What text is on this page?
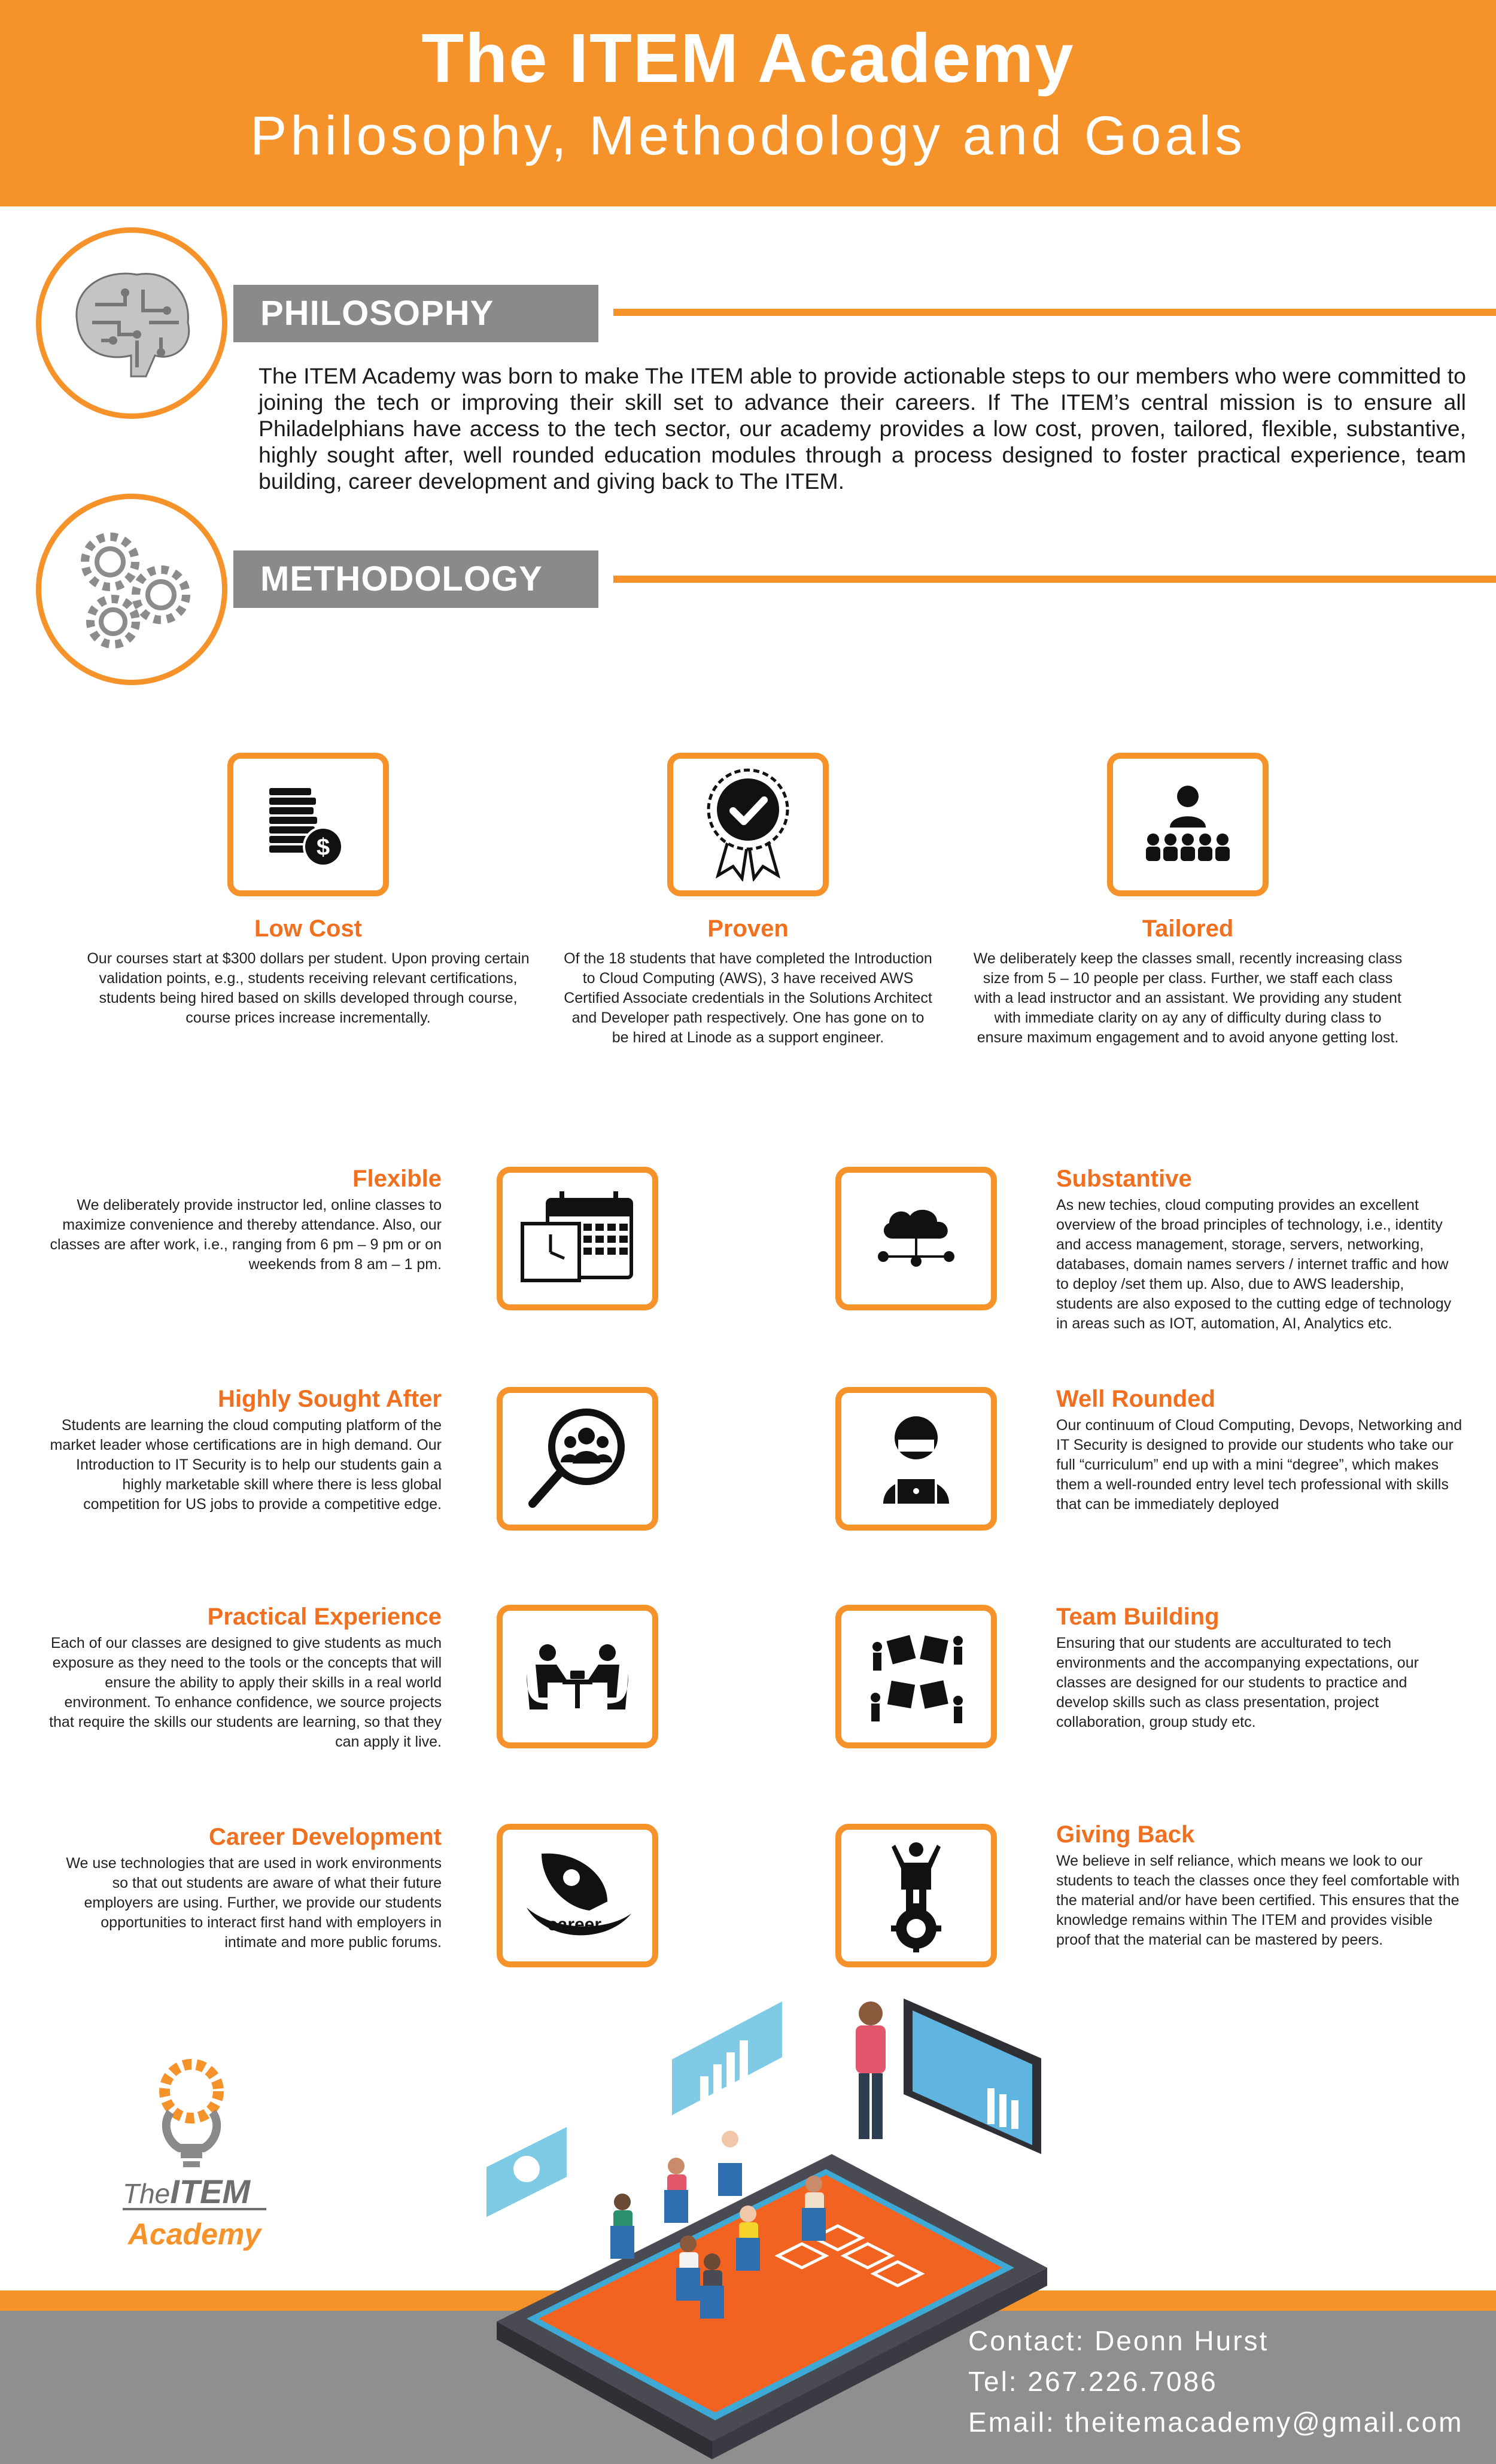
The ITEM Academy
Philosophy, Methodology and Goals
PHILOSOPHY
The ITEM Academy was born to make The ITEM able to provide actionable steps to our members who were committed to joining the tech or improving their skill set to advance their careers. If The ITEM’s central mission is to ensure all Philadelphians have access to the tech sector, our academy provides a low cost, proven, tailored, flexible, substantive, highly sought after, well rounded education modules through a process designed to foster practical experience, team building, career development and giving back to The ITEM.
METHODOLOGY
$
Low Cost
Our courses start at $300 dollars per student. Upon proving certain validation points, e.g., students receiving relevant certifications, students being hired based on skills developed through course, course prices increase incrementally.
Proven
Of the 18 students that have completed the Introduction to Cloud Computing (AWS), 3 have received AWS Certified Associate credentials in the Solutions Architect and Developer path respectively. One has gone on to be hired at Linode as a support engineer.
Tailored
We deliberately keep the classes small, recently increasing class size from 5 – 10 people per class. Further, we staff each class with a lead instructor and an assistant. We providing any student with immediate clarity on ay any of difficulty during class to ensure maximum engagement and to avoid anyone getting lost.
Flexible
We deliberately provide instructor led, online classes to maximize convenience and thereby attendance. Also, our classes are after work, i.e., ranging from 6 pm – 9 pm or on weekends from 8 am – 1 pm.
Highly Sought After
Students are learning the cloud computing platform of the market leader whose certifications are in high demand. Our Introduction to IT Security is to help our students gain a highly marketable skill where there is less global competition for US jobs to provide a competitive edge.
Practical Experience
Each of our classes are designed to give students as much exposure as they need to the tools or the concepts that will ensure the ability to apply their skills in a real world environment. To enhance confidence, we source projects that require the skills our students are learning, so that they can apply it live.
Career Development
We use technologies that are used in work environments so that out students are aware of what their future employers are using. Further, we provide our students opportunities to interact first hand with employers in intimate and more public forums.
career
Substantive
As new techies, cloud computing provides an excellent overview of the broad principles of technology, i.e., identity and access management, storage, servers, networking, databases, domain names servers / internet traffic and how to deploy /set them up. Also, due to AWS leadership, students are also exposed to the cutting edge of technology in areas such as IOT, automation, AI, Analytics etc.
Well Rounded
Our continuum of Cloud Computing, Devops, Networking and IT Security is designed to provide our students who take our full “curriculum” end up with a mini “degree”, which makes them a well-rounded entry level tech professional with skills that can be immediately deployed
Team Building
Ensuring that our students are acculturated to tech environments and the accompanying expectations, our classes are designed for our students to practice and develop skills such as class presentation, project collaboration, group study etc.
Giving Back
We believe in self reliance, which means we look to our students to teach the classes once they feel comfortable with the material and/or have been certified. This ensures that the knowledge remains within The ITEM and provides visible proof that the material can be mastered by peers.
TheITEM
Academy
Contact: Deonn Hurst
Tel: 267.226.7086
Email: theitemacademy@gmail.com
